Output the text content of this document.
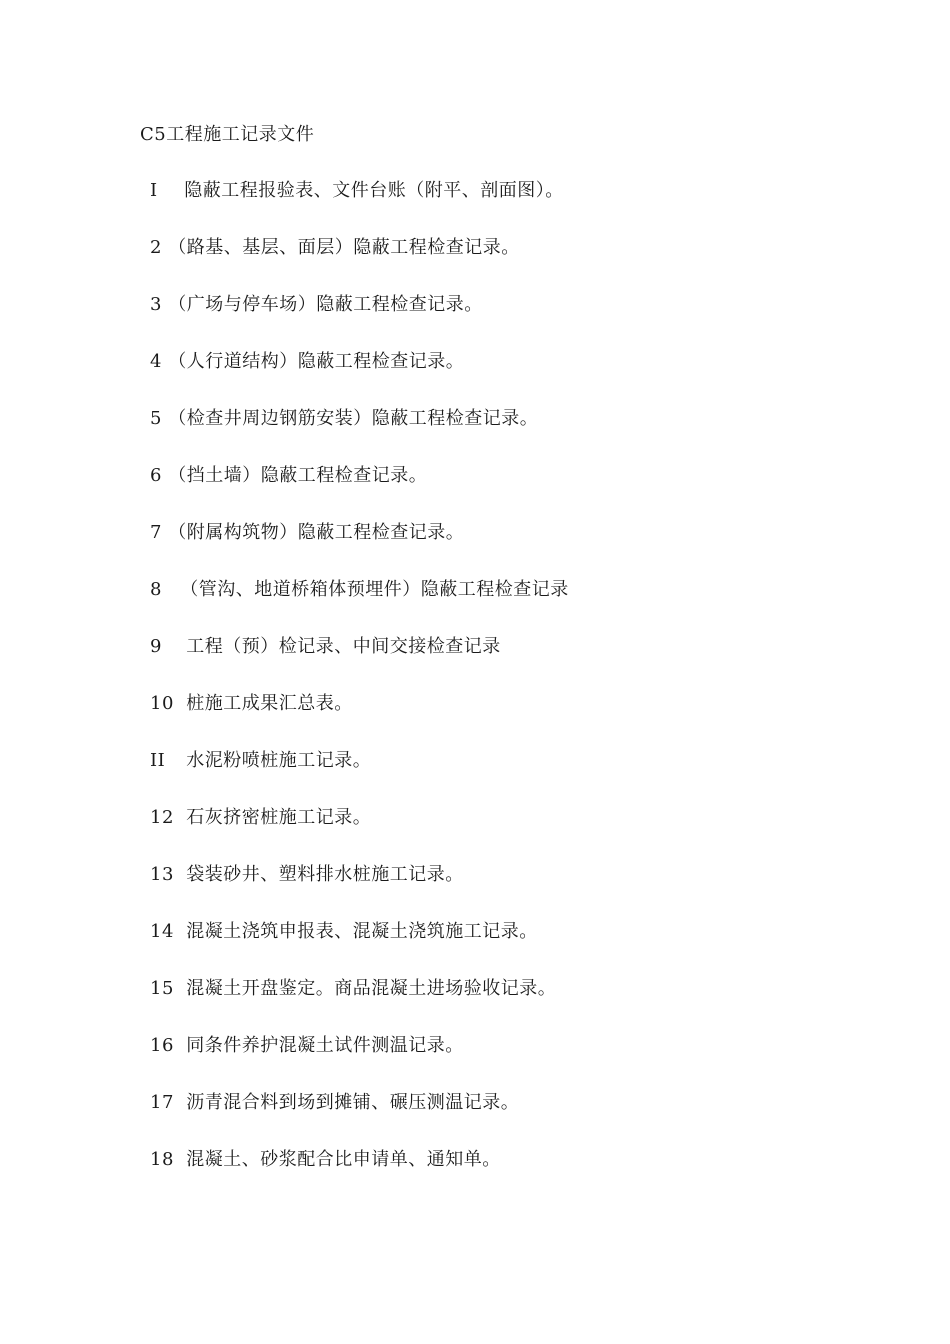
C5工程施工记录文件
I 隐蔽工程报验表、文件台账（附平、剖面图）。
2 （路基、基层、面层）隐蔽工程检查记录。
3 （广场与停车场）隐蔽工程检查记录。
4 （人行道结构）隐蔽工程检查记录。
5 （检查井周边钢筋安装）隐蔽工程检查记录。
6 （挡土墙）隐蔽工程检查记录。
7 （附属构筑物）隐蔽工程检查记录。
8 （管沟、地道桥箱体预埋件）隐蔽工程检查记录
9 工程（预）检记录、中间交接检查记录
10 桩施工成果汇总表。
II 水泥粉喷桩施工记录。
12 石灰挤密桩施工记录。
13 袋装砂井、塑料排水桩施工记录。
14 混凝土浇筑申报表、混凝土浇筑施工记录。
15 混凝土开盘鉴定。商品混凝土进场验收记录。
16 同条件养护混凝土试件测温记录。
17 沥青混合料到场到摊铺、碾压测温记录。
18 混凝土、砂浆配合比申请单、通知单。
